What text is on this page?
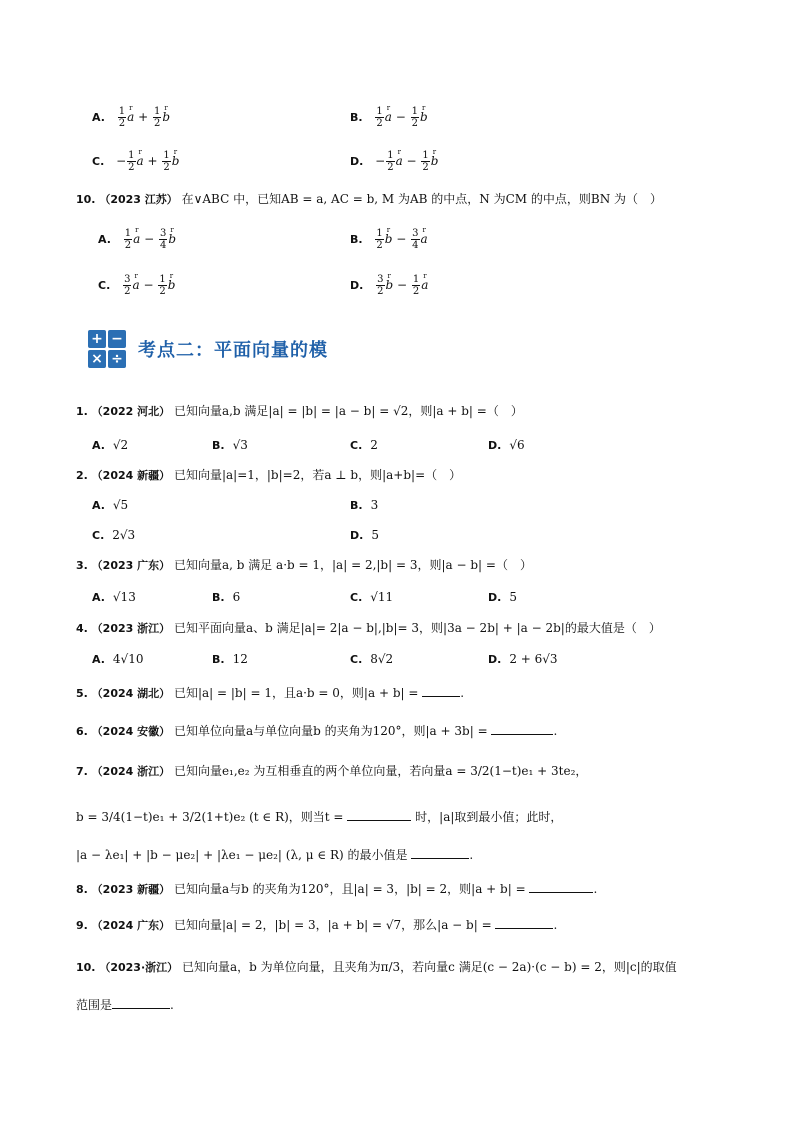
A. $\frac{1}{2}$ r $a + \frac{1}{2}$ r b	B. $\frac{1}{2}$ r $a - \frac{1}{2}$ r b
C. − $\frac{1}{2}$ r $a + \frac{1}{2}$ r b	D. − $\frac{1}{2}$ r $a - \frac{1}{2}$ r b
10. （2023 江苏） 在∨ABC 中，已知AB = a, AC = b, M 为AB 的中点，N 为CM 的中点，则BN 为（　）
A. $\frac{1}{2}$ r $a - \frac{3}{4}$ r b	B. $\frac{1}{2}$ r $b - \frac{3}{4}$ r a
C. $\frac{3}{2}$ r $a - \frac{1}{2}$ r b	D. $\frac{3}{2}$ r $b - \frac{1}{2}$ r a
+ −
× ÷ 考点二：平面向量的模
1. （2022 河北） 已知向量a,b 满足|a| = |b| = |a − b| = √2，则|a + b| =（　）
A. √2	B. √3	C. 2	D. √6
2. （2024 新疆） 已知向量|a|=1，|b|=2，若a ⊥ b，则|a+b|=（　）
A. √5	B. 3
C. 2√3	D. 5
3. （2023 广东） 已知向量a, b 满足 a·b = 1，|a| = 2,|b| = 3，则|a − b| =（　）
A. √13	B. 6	C. √11	D. 5
4. （2023 浙江） 已知平面向量a、b 满足|a|= 2|a − b|,|b|= 3，则|3a − 2b| + |a − 2b|的最大值是（　）
A. 4√10	B. 12	C. 8√2	D. 2 + 6√3
5. （2024 湖北） 已知|a| = |b| = 1，且a·b = 0，则|a + b| =	.
6. （2024 安徽） 已知单位向量a与单位向量b 的夹角为120°，则|a + 3b| =	.
7. （2024 浙江） 已知向量e₁,e₂ 为互相垂直的两个单位向量，若向量a = 3/2(1−t)e₁ + 3te₂，
b = 3/4(1−t)e₁ + 3/2(1+t)e₂ (t ∈ R)，则当t =	时，|a|取到最小值；此时，
|a − λe₁| + |b − μe₂| + |λe₁ − μe₂| (λ, μ ∈ R) 的最小值是	.
8. （2023 新疆） 已知向量a与b 的夹角为120°，且|a| = 3，|b| = 2，则|a + b| =	.
9. （2024 广东） 已知向量|a| = 2，|b| = 3，|a + b| = √7，那么|a − b| =	.
10. （2023·浙江） 已知向量a，b 为单位向量，且夹角为π/3，若向量c 满足(c − 2a)·(c − b) = 2，则|c|的取值
范围是	.
